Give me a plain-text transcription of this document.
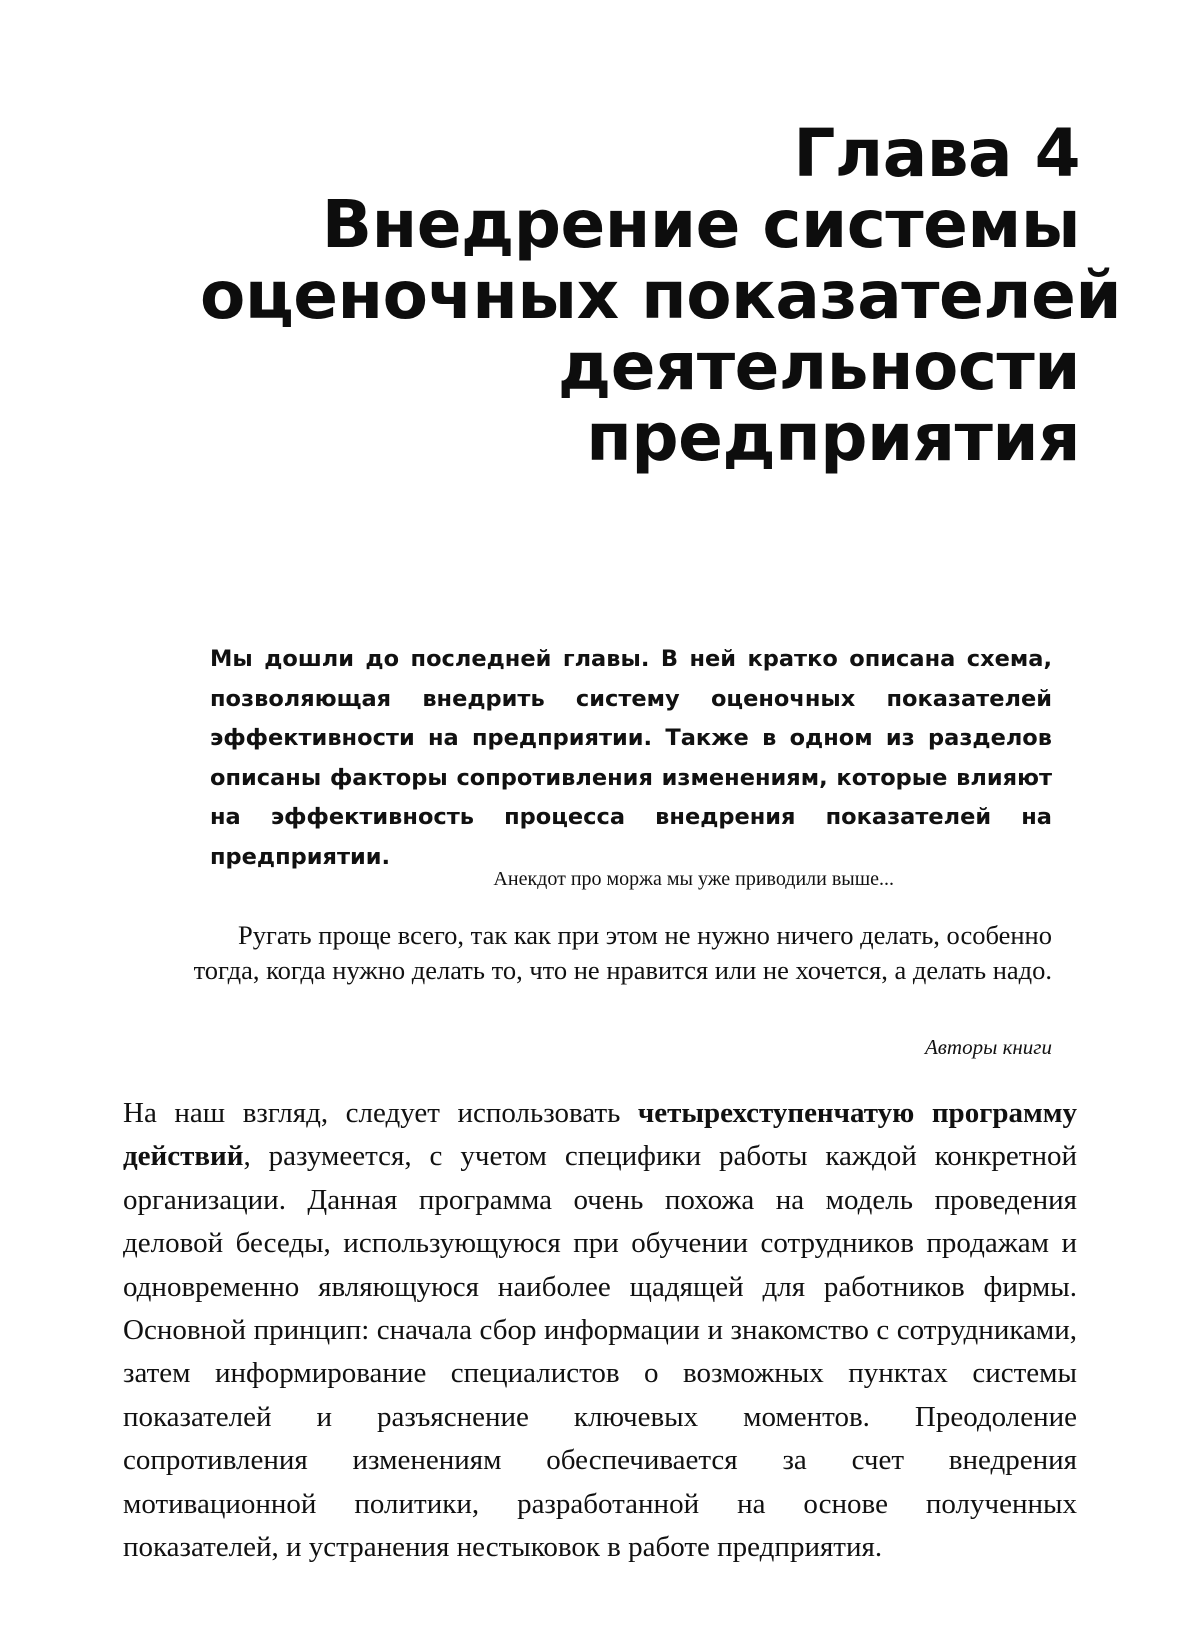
Глава 4
Внедрение системы
оценочных показателей
деятельности
предприятия

Мы дошли до последней главы. В ней кратко описана схема, позволяющая внедрить систему оценочных показателей эффективности на предприятии. Также в одном из разделов описаны факторы сопротивления изменениям, которые влияют на эффективность процесса внедрения показателей на предприятии.

Анекдот про моржа мы уже приводили выше...

Ругать проще всего, так как при этом не нужно ничего делать, особенно тогда, когда нужно делать то, что не нравится или не хочется, а делать надо.

Авторы книги

На наш взгляд, следует использовать четырехступенчатую программу действий, разумеется, с учетом специфики работы каждой конкретной организации. Данная программа очень похожа на модель проведения деловой беседы, использующуюся при обучении сотрудников продажам и одновременно являющуюся наиболее щадящей для работников фирмы. Основной принцип: сначала сбор информации и знакомство с сотрудниками, затем информирование специалистов о возможных пунктах системы показателей и разъяснение ключевых моментов. Преодоление сопротивления изменениям обеспечивается за счет внедрения мотивационной политики, разработанной на основе полученных показателей, и устранения нестыковок в работе предприятия.
